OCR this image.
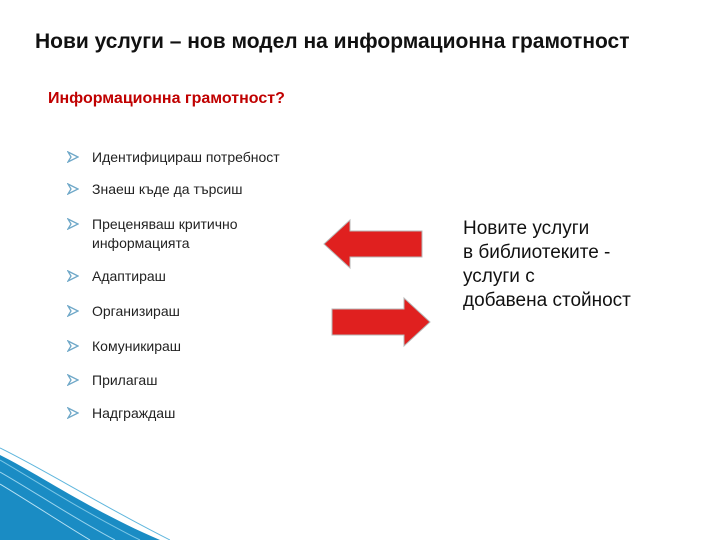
Нови услуги – нов модел на информационна грамотност
Информационна грамотност?
Идентифицираш потребност
Знаеш къде да търсиш
Преценяваш критично информацията
Адаптираш
Организираш
Комуникираш
Прилагаш
Надграждаш
Новите услуги
в библиотеките -
услуги с
добавена стойност
